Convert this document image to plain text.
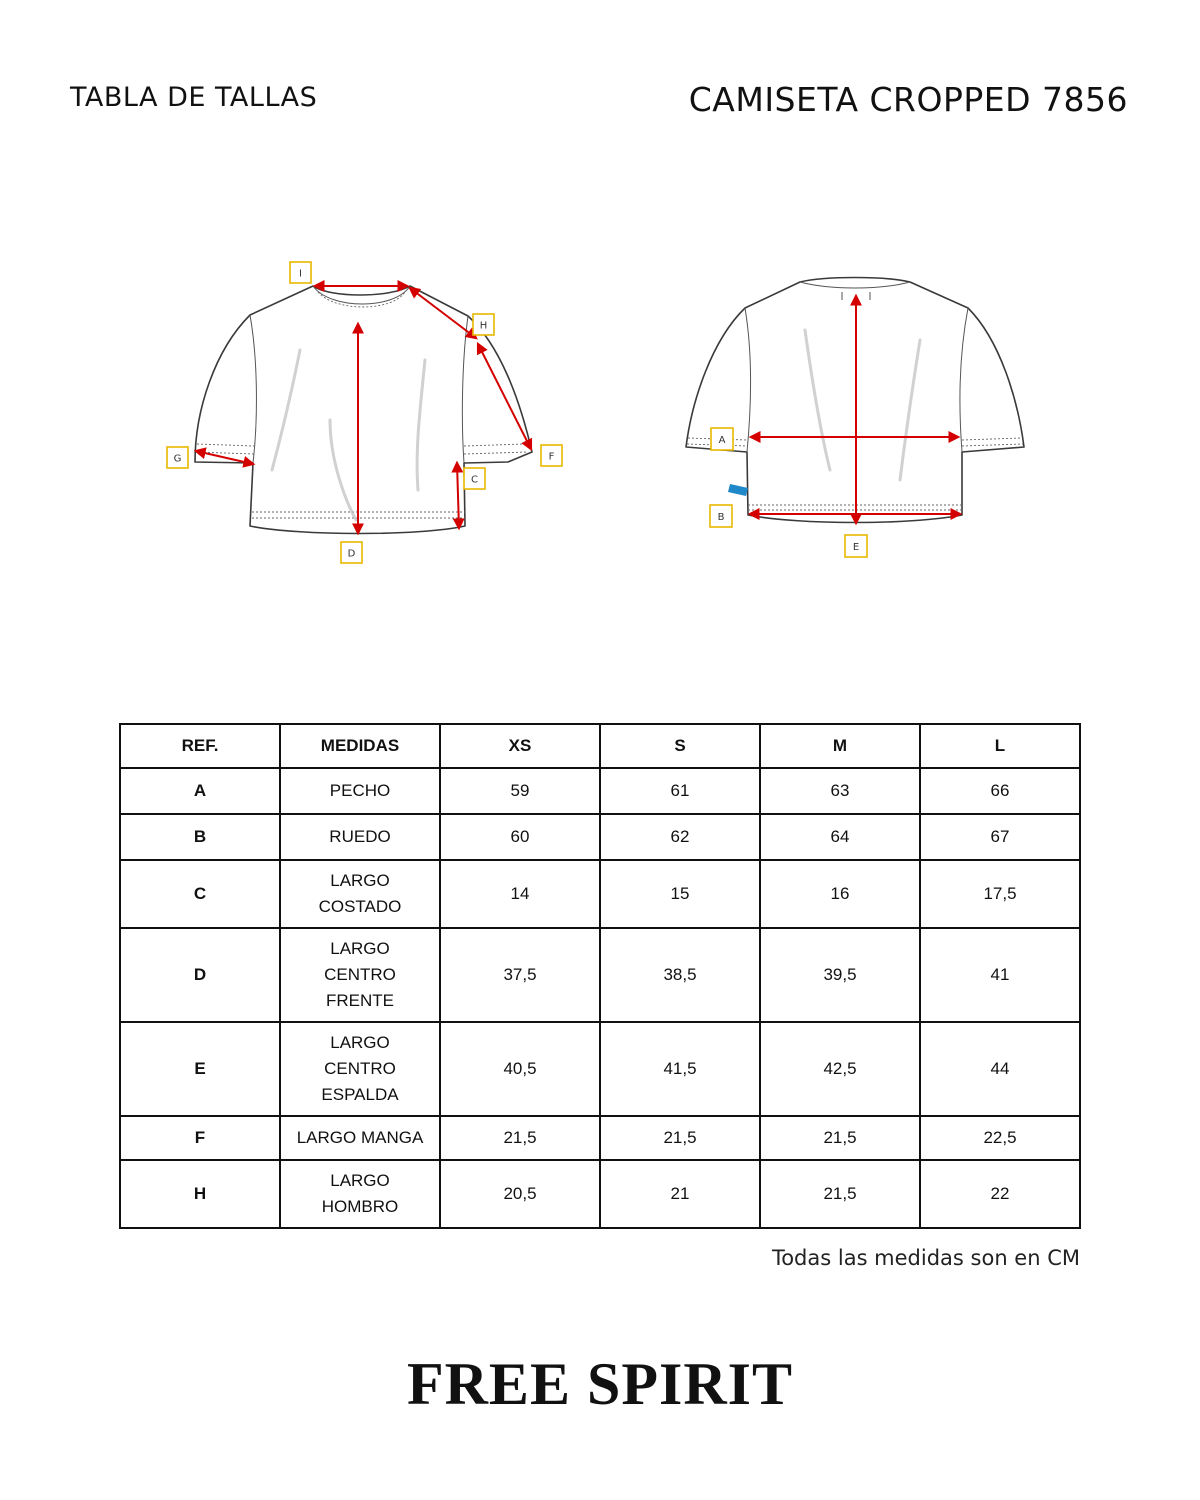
TABLA DE TALLAS	CAMISETA CROPPED 7856
I
H
G	F
C
D
A
B
E
REF.	MEDIDAS	XS	S	M	L
A	PECHO	59	61	63	66
B	RUEDO	60	62	64	67
C	LARGO COSTADO	14	15	16	17,5
D	LARGO CENTRO FRENTE	37,5	38,5	39,5	41
E	LARGO CENTRO ESPALDA	40,5	41,5	42,5	44
F	LARGO MANGA	21,5	21,5	21,5	22,5
H	LARGO HOMBRO	20,5	21	21,5	22
Todas las medidas son en CM
FREE SPIRIT
